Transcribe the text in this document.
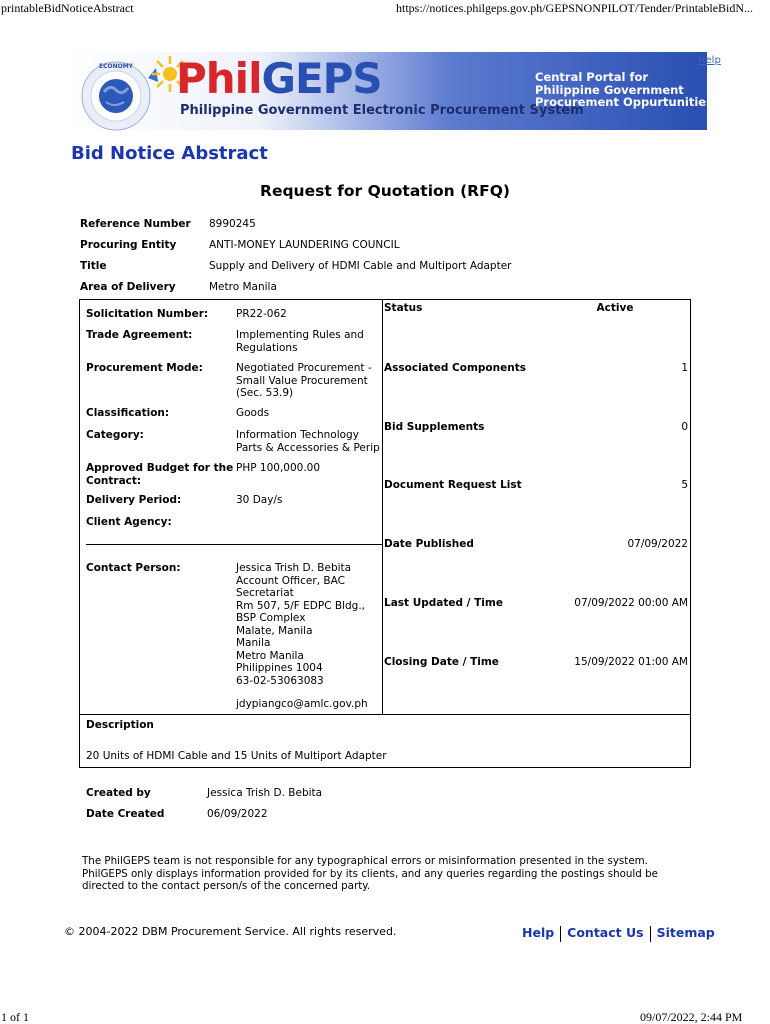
printableBidNoticeAbstract	https://notices.philgeps.gov.ph/GEPSNONPILOT/Tender/PrintableBidN...
ECONOMY PhilGEPS
Philippine Government Electronic Procurement System
Central Portal for
Philippine Government
Procurement Oppurtunities
Help
Bid Notice Abstract
Request for Quotation (RFQ)
Reference Number 8990245
Procuring Entity	ANTI-MONEY LAUNDERING COUNCIL
Title	Supply and Delivery of HDMI Cable and Multiport Adapter
Area of Delivery	Metro Manila
Solicitation Number:	PR22-062
Trade Agreement:	Implementing Rules and
Regulations
Procurement Mode:	Negotiated Procurement -
Small Value Procurement
(Sec. 53.9)
Classification:	Goods
Category:	Information Technology
Parts & Accessories & Perip
Approved Budget for the
Contract:
PHP 100,000.00
Delivery Period:	30 Day/s
Client Agency:
Contact Person:	Jessica Trish D. Bebita
Account Officer, BAC
Secretariat
Rm 507, 5/F EDPC Bldg.,
BSP Complex
Malate, Manila
Manila
Metro Manila
Philippines 1004
63-02-53063083
jdypiangco@amlc.gov.ph
Status	Active
Associated Components	1
Bid Supplements	0
Document Request List	5
Date Published	07/09/2022
Last Updated / Time	07/09/2022 00:00 AM
Closing Date / Time	15/09/2022 01:00 AM
Description
20 Units of HDMI Cable and 15 Units of Multiport Adapter
Created by	Jessica Trish D. Bebita
Date Created	06/09/2022
The PhilGEPS team is not responsible for any typographical errors or misinformation presented in the system. PhilGEPS only displays information provided for by its clients, and any queries regarding the postings should be directed to the contact person/s of the concerned party.
© 2004-2022 DBM Procurement Service. All rights reserved.	Help Contact Us Sitemap
1 of 1	09/07/2022, 2:44 PM
